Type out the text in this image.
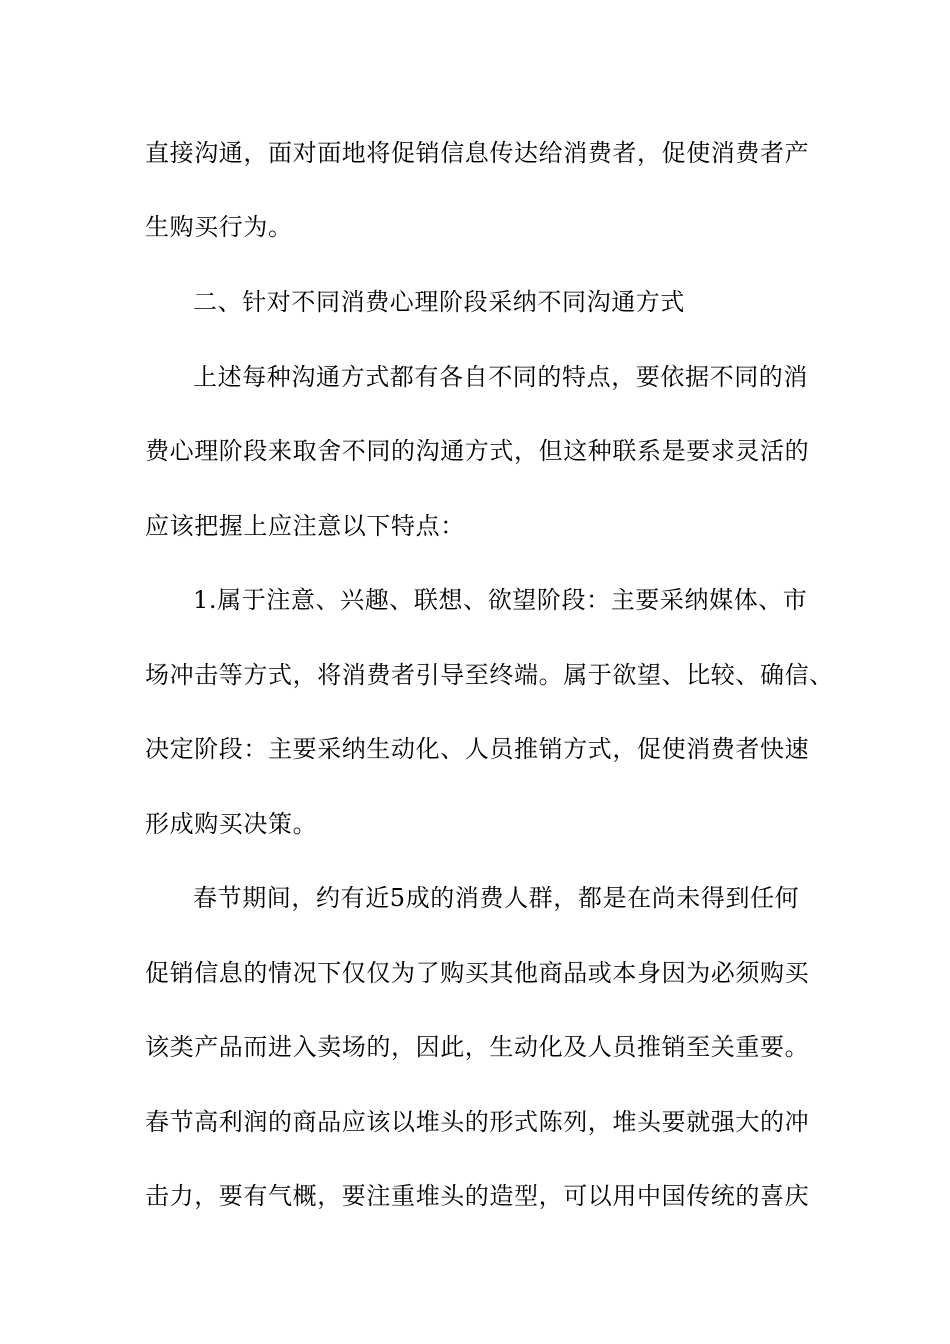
直接沟通，面对面地将促销信息传达给消费者，促使消费者产
生购买行为。
二、针对不同消费心理阶段采纳不同沟通方式
上述每种沟通方式都有各自不同的特点，要依据不同的消
费心理阶段来取舍不同的沟通方式，但这种联系是要求灵活的
应该把握上应注意以下特点：
1.属于注意、兴趣、联想、欲望阶段：主要采纳媒体、市
场冲击等方式，将消费者引导至终端。属于欲望、比较、确信、
决定阶段：主要采纳生动化、人员推销方式，促使消费者快速
形成购买决策。
春节期间，约有近5成的消费人群，都是在尚未得到任何
促销信息的情况下仅仅为了购买其他商品或本身因为必须购买
该类产品而进入卖场的，因此，生动化及人员推销至关重要。
春节高利润的商品应该以堆头的形式陈列，堆头要就强大的冲
击力，要有气概，要注重堆头的造型，可以用中国传统的喜庆
